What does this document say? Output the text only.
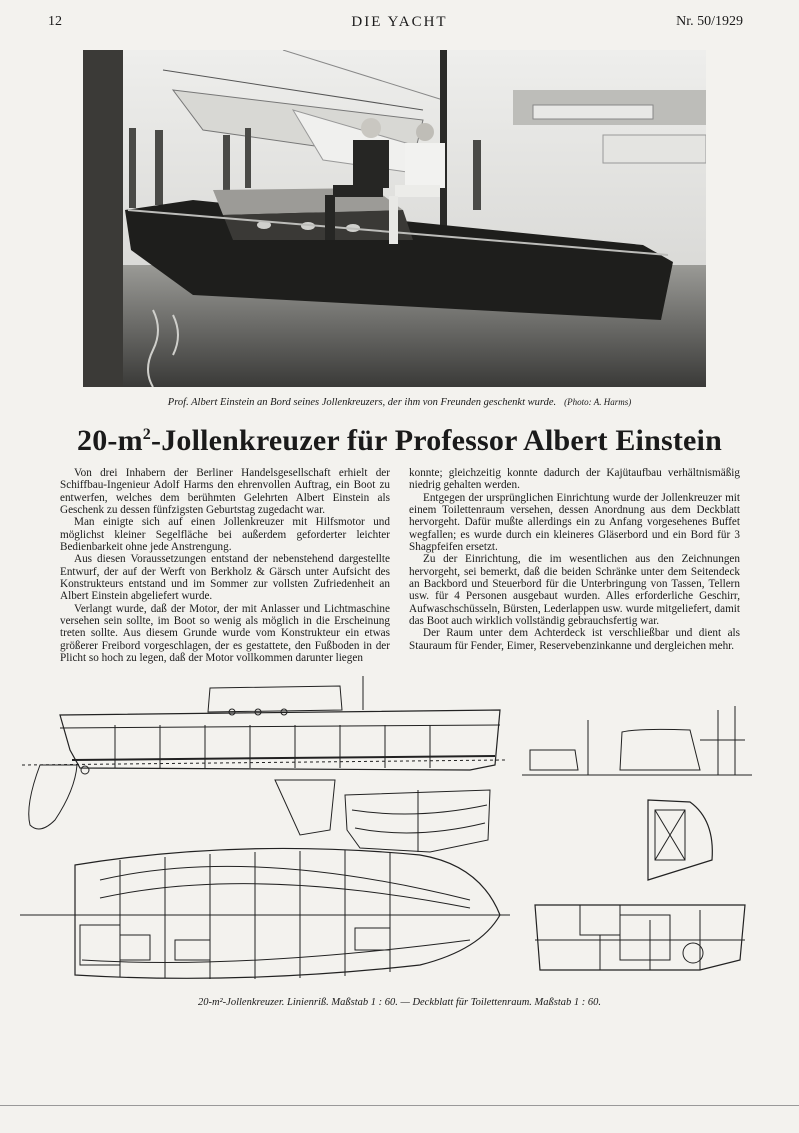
12	DIE YACHT	Nr. 50/1929
Prof. Albert Einstein an Bord seines Jollenkreuzers, der ihm von Freunden geschenkt wurde. (Photo: A. Harms)
$20-m^2$-Jollenkreuzer für Professor Albert Einstein

Von drei Inhabern der Berliner Handelsgesellschaft erhielt der Schiffbau-Ingenieur Adolf Harms den ehrenvollen Auftrag, ein Boot zu entwerfen, welches dem berühmten Gelehrten Albert Einstein als Geschenk zu dessen fünfzigsten Geburtstag zugedacht war.

Man einigte sich auf einen Jollenkreuzer mit Hilfsmotor und möglichst kleiner Segelfläche bei außerdem geforderter leichter Bedienbarkeit ohne jede Anstrengung.

Aus diesen Voraussetzungen entstand der nebenstehend dargestellte Entwurf, der auf der Werft von Berkholz & Gärsch unter Aufsicht des Konstrukteurs entstand und im Sommer zur vollsten Zufriedenheit an Albert Einstein abgeliefert wurde.

Verlangt wurde, daß der Motor, der mit Anlasser und Lichtmaschine versehen sein sollte, im Boot so wenig als möglich in die Erscheinung treten sollte. Aus diesem Grunde wurde vom Konstrukteur ein etwas größerer Freibord vorgeschlagen, der es gestattete, den Fußboden in der Plicht so hoch zu legen, daß der Motor vollkommen darunter liegen

konnte; gleichzeitig konnte dadurch der Kajütaufbau verhältnismäßig niedrig gehalten werden.

Entgegen der ursprünglichen Einrichtung wurde der Jollenkreuzer mit einem Toilettenraum versehen, dessen Anordnung aus dem Deckblatt hervorgeht. Dafür mußte allerdings ein zu Anfang vorgesehenes Buffet wegfallen; es wurde durch ein kleineres Gläserbord und ein Bord für 3 Shagpfeifen ersetzt.

Zu der Einrichtung, die im wesentlichen aus den Zeichnungen hervorgeht, sei bemerkt, daß die beiden Schränke unter dem Seitendeck an Backbord und Steuerbord für die Unterbringung von Tassen, Tellern usw. für 4 Personen ausgebaut wurden. Alles erforderliche Geschirr, Aufwaschschüsseln, Bürsten, Lederlappen usw. wurde mitgeliefert, damit das Boot auch wirklich vollständig gebrauchsfertig war.

Der Raum unter dem Achterdeck ist verschließbar und dient als Stauraum für Fender, Eimer, Reservebenzinkanne und dergleichen mehr.

20-m²-Jollenkreuzer. Linienriß. Maßstab 1 : 60. — Deckblatt für Toilettenraum. Maßstab 1 : 60.
